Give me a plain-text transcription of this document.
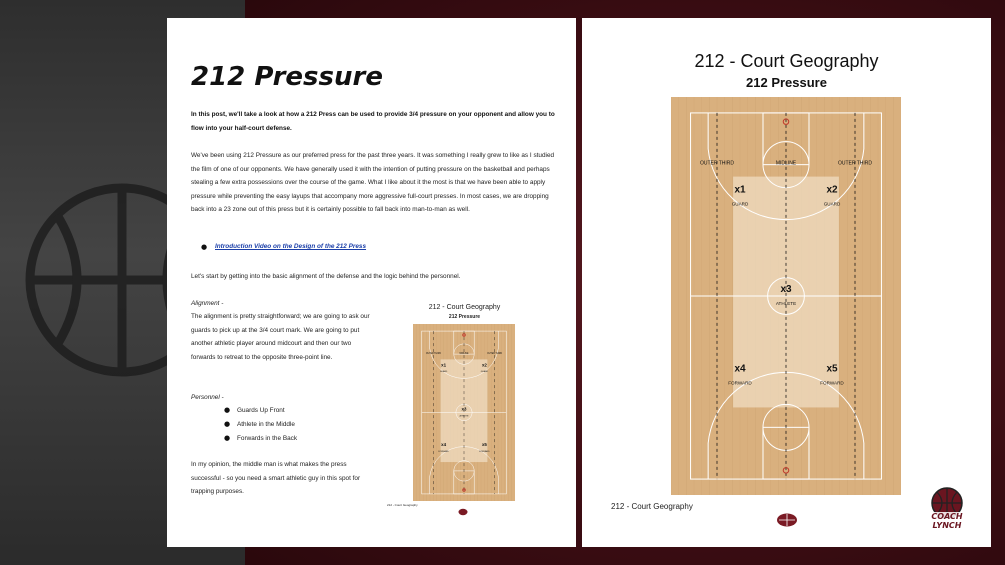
212 Pressure
In this post, we'll take a look at how a 212 Press can be used to provide 3/4 pressure on your opponent and allow you to flow into your half-court defense.
We've been using 212 Pressure as our preferred press for the past three years. It was something I really grew to like as I studied the film of one of our opponents. We have generally used it with the intention of putting pressure on the basketball and perhaps stealing a few extra possessions over the course of the game. What I like about it the most is that we have been able to apply pressure while preventing the easy layups that accompany more aggressive full-court presses. In most cases, we are dropping back into a 23 zone out of this press but it is certainly possible to fall back into man-to-man as well.
● Introduction Video on the Design of the 212 Press
Let's start by getting into the basic alignment of the defense and the logic behind the personnel.
Alignment -
The alignment is pretty straightforward; we are going to ask our guards to pick up at the 3/4 court mark. We are going to put another athletic player around midcourt and then our two forwards to retreat to the opposite three-point line.
Personnel -
● Guards Up Front
● Athlete in the Middle
● Forwards in the Back
In my opinion, the middle man is what makes the press successful - so you need a smart athletic guy in this spot for trapping purposes.
212 - Court Geography
212 Pressure
OUTER THIRD	MIDLINE	OUTER THIRD
x1
GUARD
x2
GUARD
x3
ATHLETE
x4
FORWARD
x5
FORWARD
212 - Court Geography
212 - Court Geography
212 Pressure
OUTER THIRD	MIDLINE	OUTER THIRD
x1
GUARD
x2
GUARD
x3
ATHLETE
x4
FORWARD
x5
FORWARD
212 - Court Geography
COACH LYNCH
